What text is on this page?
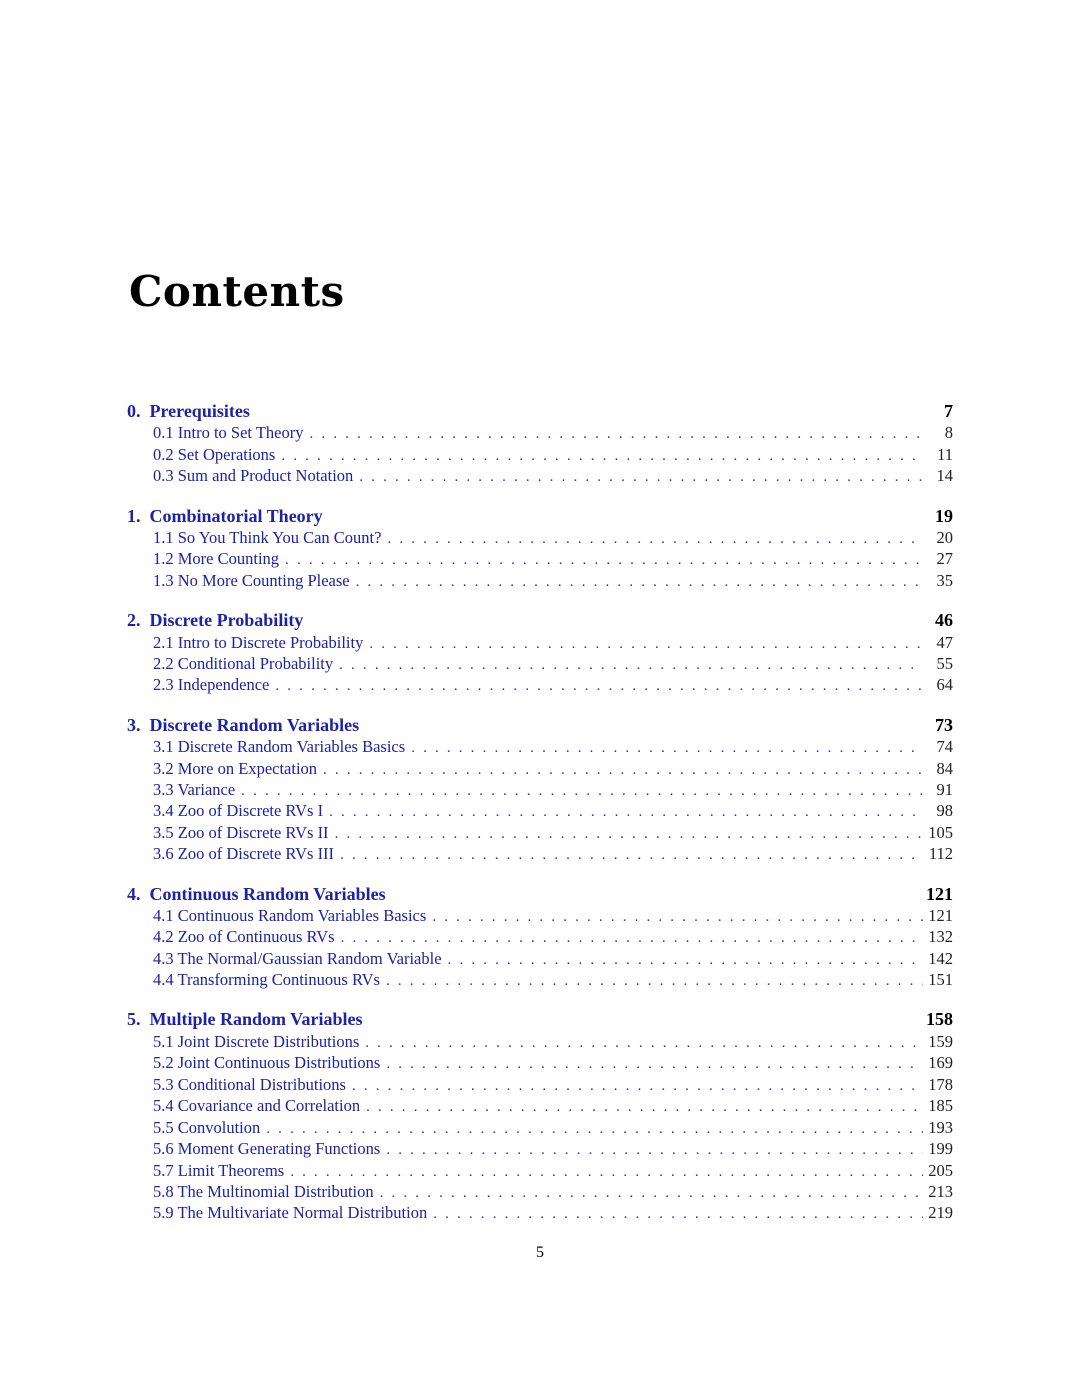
Contents
0. Prerequisites	7
0.1 Intro to Set Theory . . .	8
0.2 Set Operations . . .	11
0.3 Sum and Product Notation . . .	14
1. Combinatorial Theory	19
1.1 So You Think You Can Count? . . .	20
1.2 More Counting . . .	27
1.3 No More Counting Please . . .	35
2. Discrete Probability	46
2.1 Intro to Discrete Probability . . .	47
2.2 Conditional Probability . . .	55
2.3 Independence . . .	64
3. Discrete Random Variables	73
3.1 Discrete Random Variables Basics . . .	74
3.2 More on Expectation . . .	84
3.3 Variance . . .	91
3.4 Zoo of Discrete RVs I . . .	98
3.5 Zoo of Discrete RVs II . . .	105
3.6 Zoo of Discrete RVs III . . .	112
4. Continuous Random Variables	121
4.1 Continuous Random Variables Basics . . .	121
4.2 Zoo of Continuous RVs . . .	132
4.3 The Normal/Gaussian Random Variable . . .	142
4.4 Transforming Continuous RVs . . .	151
5. Multiple Random Variables	158
5.1 Joint Discrete Distributions . . .	159
5.2 Joint Continuous Distributions . . .	169
5.3 Conditional Distributions . . .	178
5.4 Covariance and Correlation . . .	185
5.5 Convolution . . .	193
5.6 Moment Generating Functions . . .	199
5.7 Limit Theorems . . .	205
5.8 The Multinomial Distribution . . .	213
5.9 The Multivariate Normal Distribution . . .	219
5
